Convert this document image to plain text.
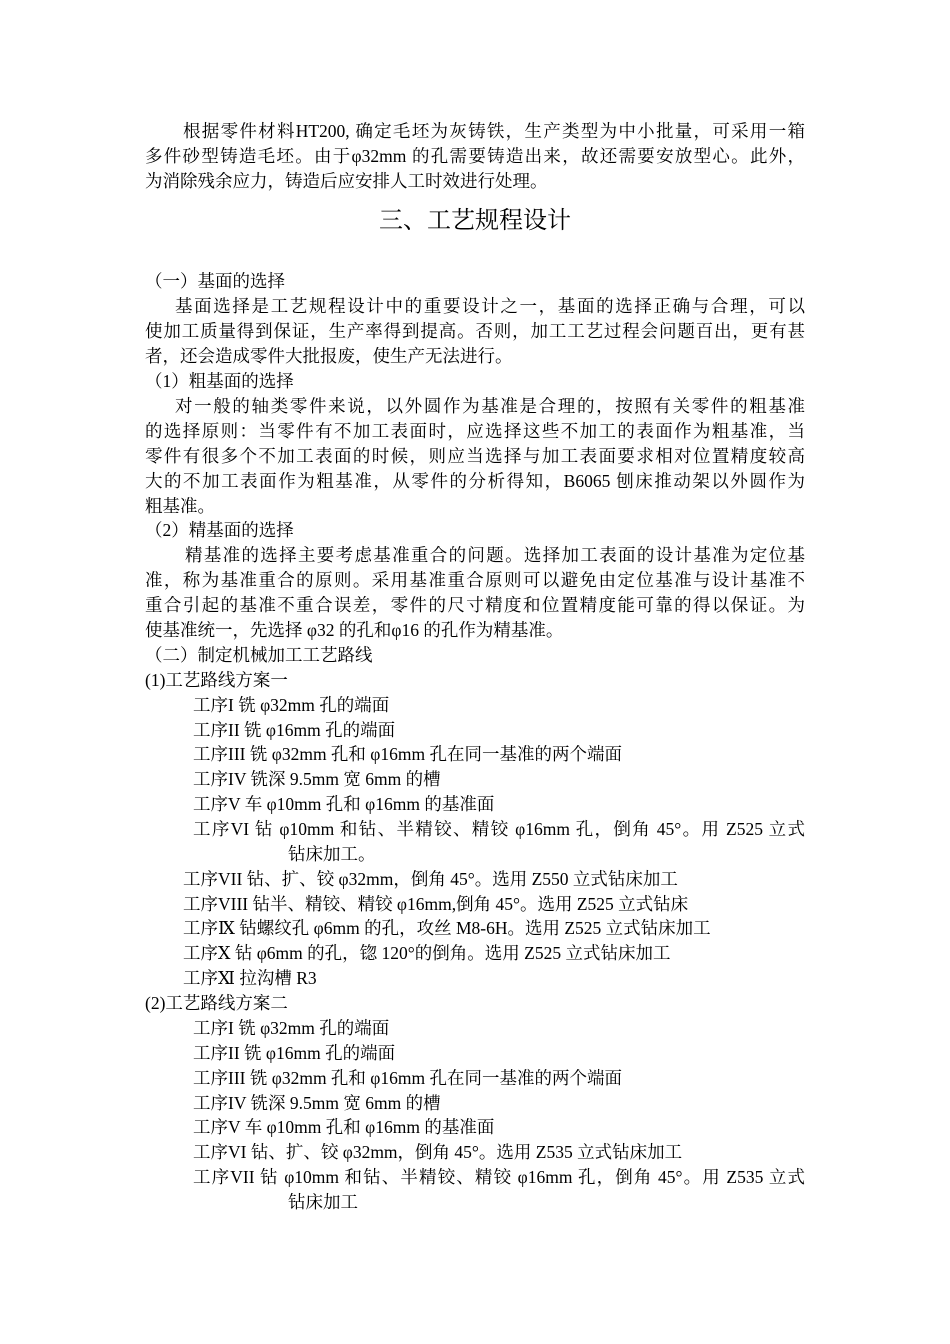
根据零件材料HT200, 确定毛坯为灰铸铁，生产类型为中小批量，可采用一箱
多件砂型铸造毛坯。由于φ32mm 的孔需要铸造出来，故还需要安放型心。此外，
为消除残余应力，铸造后应安排人工时效进行处理。
三、工艺规程设计
（一）基面的选择
基面选择是工艺规程设计中的重要设计之一，基面的选择正确与合理，可以
使加工质量得到保证，生产率得到提高。否则，加工工艺过程会问题百出，更有甚
者，还会造成零件大批报废，使生产无法进行。
（1）粗基面的选择
对一般的轴类零件来说，以外圆作为基准是合理的，按照有关零件的粗基准
的选择原则：当零件有不加工表面时，应选择这些不加工的表面作为粗基准，当
零件有很多个不加工表面的时候，则应当选择与加工表面要求相对位置精度较高
大的不加工表面作为粗基准，从零件的分析得知，B6065 刨床推动架以外圆作为
粗基准。
（2）精基面的选择
精基准的选择主要考虑基准重合的问题。选择加工表面的设计基准为定位基
准，称为基准重合的原则。采用基准重合原则可以避免由定位基准与设计基准不
重合引起的基准不重合误差，零件的尺寸精度和位置精度能可靠的得以保证。为
使基准统一，先选择 φ32 的孔和φ16 的孔作为精基准。
（二）制定机械加工工艺路线
(1)工艺路线方案一
工序I 铣 φ32mm 孔的端面
工序II 铣 φ16mm 孔的端面
工序III 铣 φ32mm 孔和 φ16mm 孔在同一基准的两个端面
工序IV 铣深 9.5mm 宽 6mm 的槽
工序V 车 φ10mm 孔和 φ16mm 的基准面
工序VI 钻 φ10mm 和钻、半精铰、精铰 φ16mm 孔，倒角 45°。用 Z525 立式
钻床加工。
工序VII 钻、扩、铰 φ32mm，倒角 45°。选用 Z550 立式钻床加工
工序VIII 钻半、精铰、精铰 φ16mm,倒角 45°。选用 Z525 立式钻床
工序Ⅸ 钻螺纹孔 φ6mm 的孔，攻丝 M8-6H。选用 Z525 立式钻床加工
工序Ⅹ 钻 φ6mm 的孔，锪 120°的倒角。选用 Z525 立式钻床加工
工序Ⅺ 拉沟槽 R3
(2)工艺路线方案二
工序I 铣 φ32mm 孔的端面
工序II 铣 φ16mm 孔的端面
工序III 铣 φ32mm 孔和 φ16mm 孔在同一基准的两个端面
工序IV 铣深 9.5mm 宽 6mm 的槽
工序V 车 φ10mm 孔和 φ16mm 的基准面
工序VI 钻、扩、铰 φ32mm，倒角 45°。选用 Z535 立式钻床加工
工序VII 钻 φ10mm 和钻、半精铰、精铰 φ16mm 孔，倒角 45°。用 Z535 立式
钻床加工
